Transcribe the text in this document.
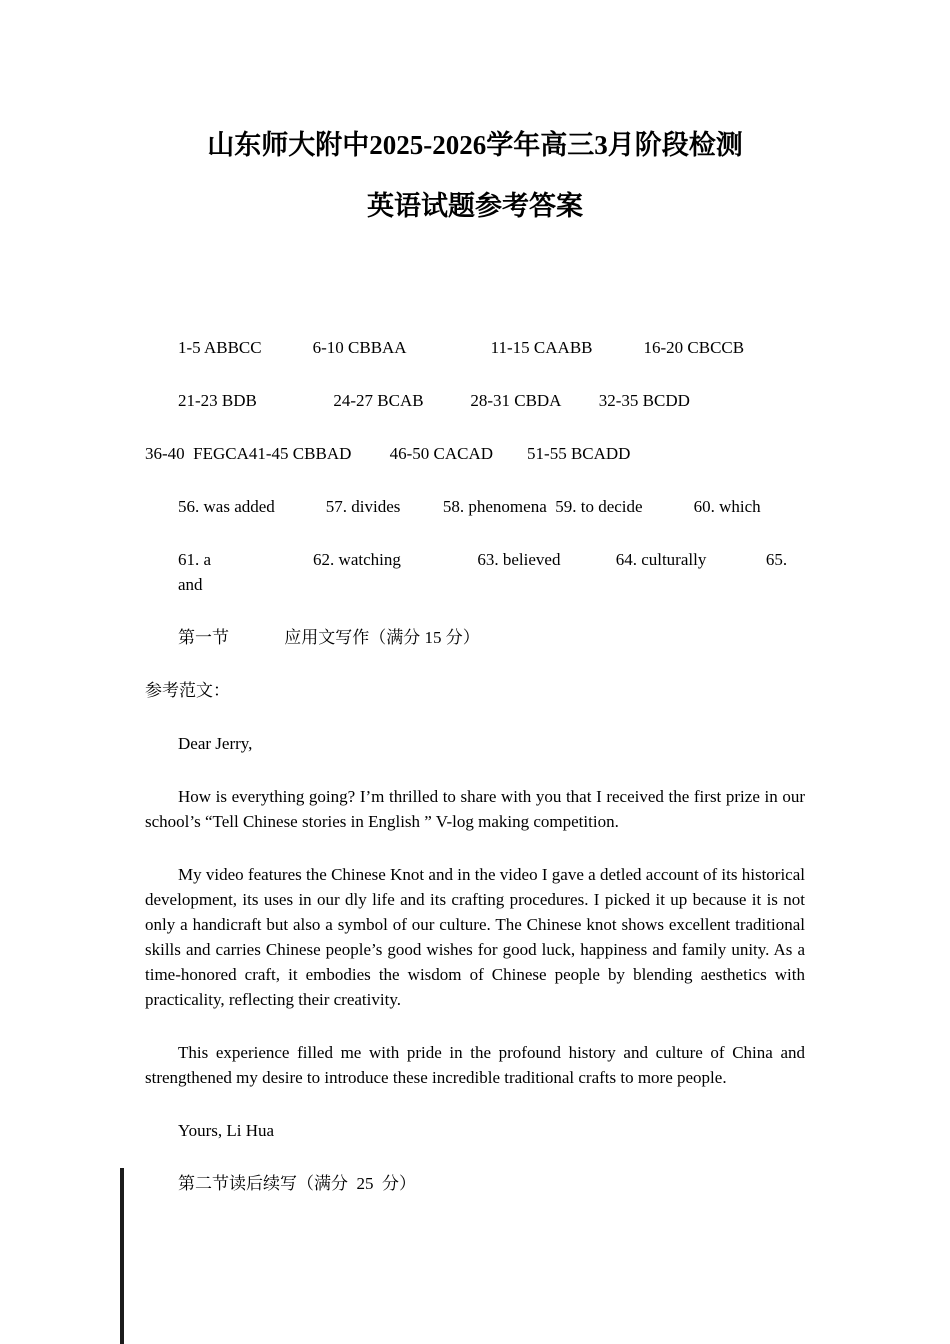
山东师大附中2025-2026学年高三3月阶段检测
英语试题参考答案

1-5 ABBCC            6-10 CBBAA                    11-15 CAABB            16-20 CBCCB

21-23 BDB                  24-27 BCAB           28-31 CBDA         32-35 BCDD

36-40  FEGCA41-45 CBBAD         46-50 CACAD        51-55 BCADD

56. was added            57. divides          58. phenomena  59. to decide            60. which

61. a                        62. watching                  63. believed             64. culturally              65. and

第一节             应用文写作（满分 15 分）

参考范文：

Dear Jerry,

How is everything going? I’m thrilled to share with you that I received the first prize in our school’s “Tell Chinese stories in English ” V-log making competition.

My video features the Chinese Knot and in the video I gave a detled account of its historical development, its uses in our dly life and its crafting procedures. I picked it up because it is not only a handicraft but also a symbol of our culture. The Chinese knot shows excellent traditional skills and carries Chinese people’s good wishes for good luck, happiness and family unity. As a time-honored craft, it embodies the wisdom of Chinese people by blending aesthetics with practicality, reflecting their creativity.

This experience filled me with pride in the profound history and culture of China and strengthened my desire to introduce these incredible traditional crafts to more people.

Yours, Li Hua

第二节读后续写（满分  25  分）
